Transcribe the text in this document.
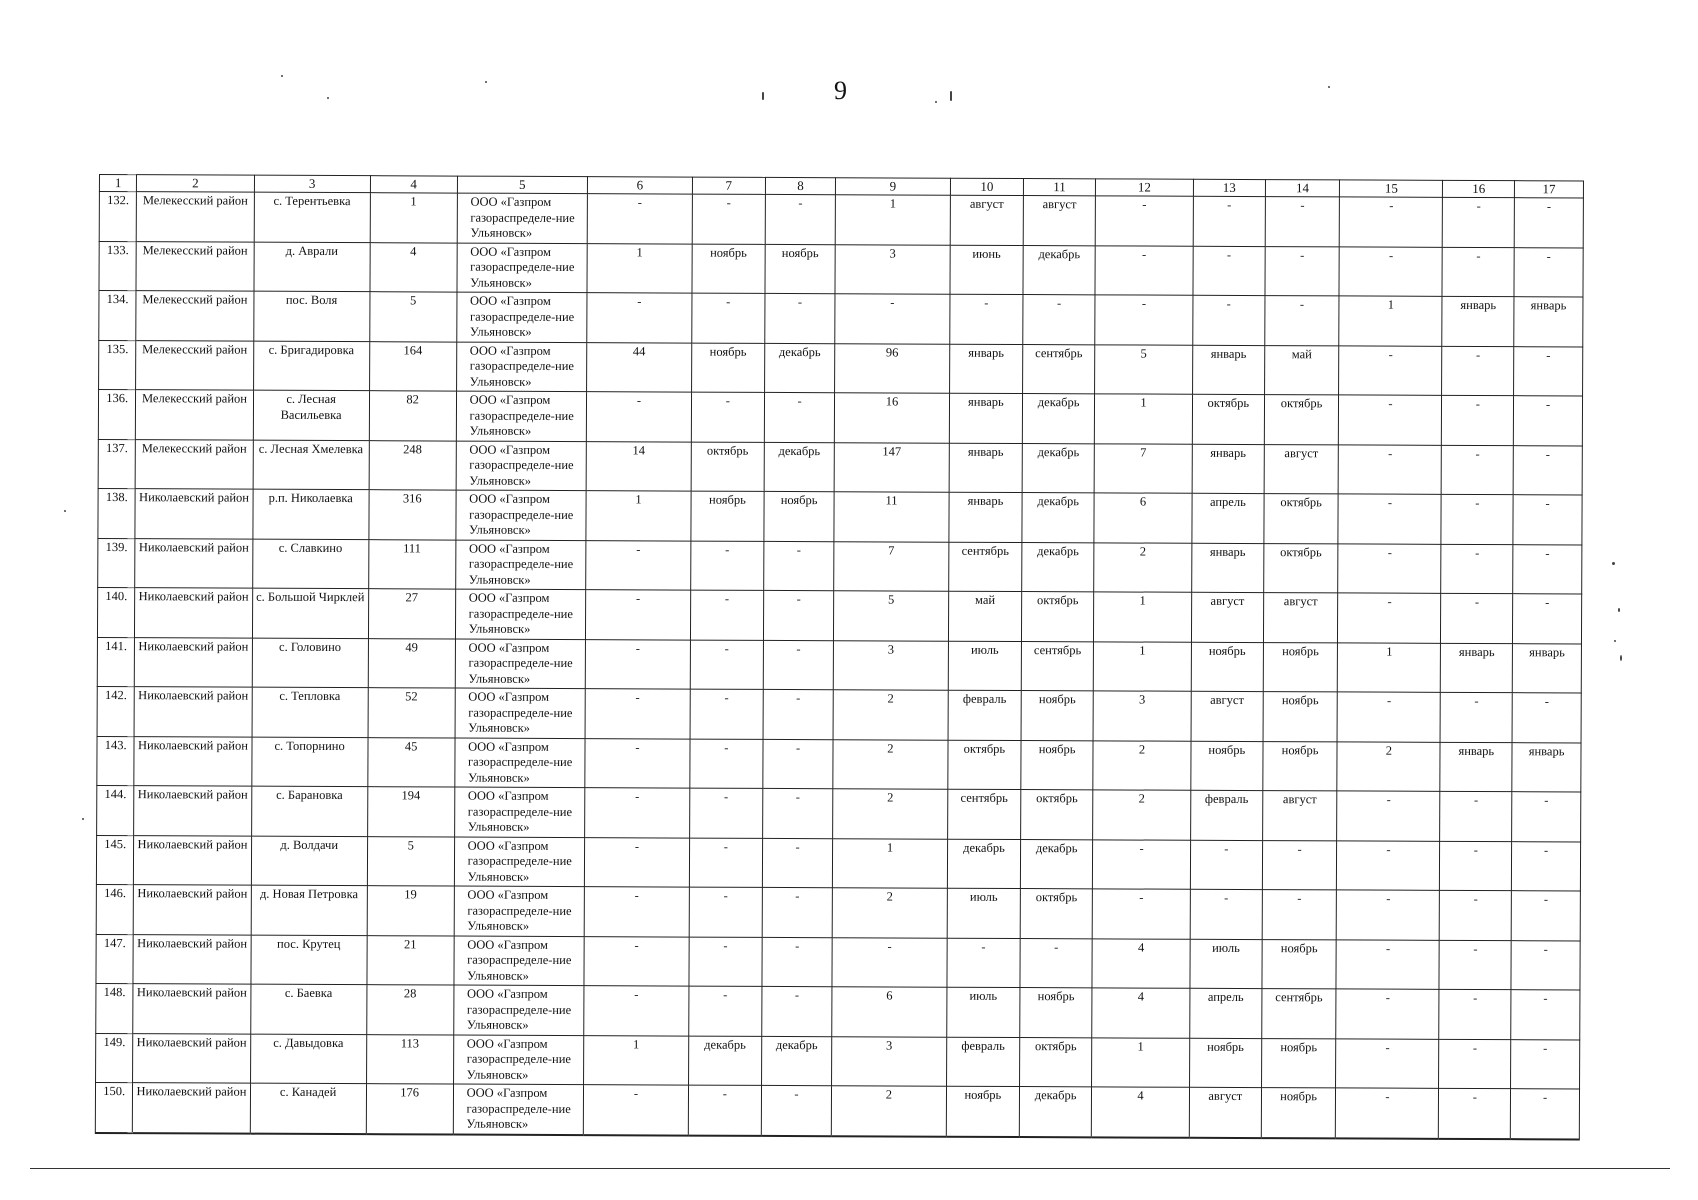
9
1	2	3	4	5	6	7	8	9	10	11	12	13	14	15	16	17
132.	Мелекесский район	с. Терентьевка	1	ООО «Газпром газораспределе-ние Ульяновск»	-	-	-	1	август	август	-	-	-	-	-	-
133.	Мелекесский район	д. Аврали	4	ООО «Газпром газораспределе-ние Ульяновск»	1	ноябрь	ноябрь	3	июнь	декабрь	-	-	-	-	-	-
134.	Мелекесский район	пос. Воля	5	ООО «Газпром газораспределе-ние Ульяновск»	-	-	-	-	-	-	-	-	-	1	январь	январь
135.	Мелекесский район	с. Бригадировка	164	ООО «Газпром газораспределе-ние Ульяновск»	44	ноябрь	декабрь	96	январь	сентябрь	5	январь	май	-	-	-
136.	Мелекесский район	с. Лесная Васильевка	82	ООО «Газпром газораспределе-ние Ульяновск»	-	-	-	16	январь	декабрь	1	октябрь	октябрь	-	-	-
137.	Мелекесский район	с. Лесная Хмелевка	248	ООО «Газпром газораспределе-ние Ульяновск»	14	октябрь	декабрь	147	январь	декабрь	7	январь	август	-	-	-
138.	Николаевский район	р.п. Николаевка	316	ООО «Газпром газораспределе-ние Ульяновск»	1	ноябрь	ноябрь	11	январь	декабрь	6	апрель	октябрь	-	-	-
139.	Николаевский район	с. Славкино	111	ООО «Газпром газораспределе-ние Ульяновск»	-	-	-	7	сентябрь	декабрь	2	январь	октябрь	-	-	-
140.	Николаевский район	с. Большой Чирклей	27	ООО «Газпром газораспределе-ние Ульяновск»	-	-	-	5	май	октябрь	1	август	август	-	-	-
141.	Николаевский район	с. Головино	49	ООО «Газпром газораспределе-ние Ульяновск»	-	-	-	3	июль	сентябрь	1	ноябрь	ноябрь	1	январь	январь
142.	Николаевский район	с. Тепловка	52	ООО «Газпром газораспределе-ние Ульяновск»	-	-	-	2	февраль	ноябрь	3	август	ноябрь	-	-	-
143.	Николаевский район	с. Топорнино	45	ООО «Газпром газораспределе-ние Ульяновск»	-	-	-	2	октябрь	ноябрь	2	ноябрь	ноябрь	2	январь	январь
144.	Николаевский район	с. Барановка	194	ООО «Газпром газораспределе-ние Ульяновск»	-	-	-	2	сентябрь	октябрь	2	февраль	август	-	-	-
145.	Николаевский район	д. Волдачи	5	ООО «Газпром газораспределе-ние Ульяновск»	-	-	-	1	декабрь	декабрь	-	-	-	-	-	-
146.	Николаевский район	д. Новая Петровка	19	ООО «Газпром газораспределе-ние Ульяновск»	-	-	-	2	июль	октябрь	-	-	-	-	-	-
147.	Николаевский район	пос. Крутец	21	ООО «Газпром газораспределе-ние Ульяновск»	-	-	-	-	-	-	4	июль	ноябрь	-	-	-
148.	Николаевский район	с. Баевка	28	ООО «Газпром газораспределе-ние Ульяновск»	-	-	-	6	июль	ноябрь	4	апрель	сентябрь	-	-	-
149.	Николаевский район	с. Давыдовка	113	ООО «Газпром газораспределе-ние Ульяновск»	1	декабрь	декабрь	3	февраль	октябрь	1	ноябрь	ноябрь	-	-	-
150.	Николаевский район	с. Канадей	176	ООО «Газпром газораспределе-ние Ульяновск»	-	-	-	2	ноябрь	декабрь	4	август	ноябрь	-	-	-
